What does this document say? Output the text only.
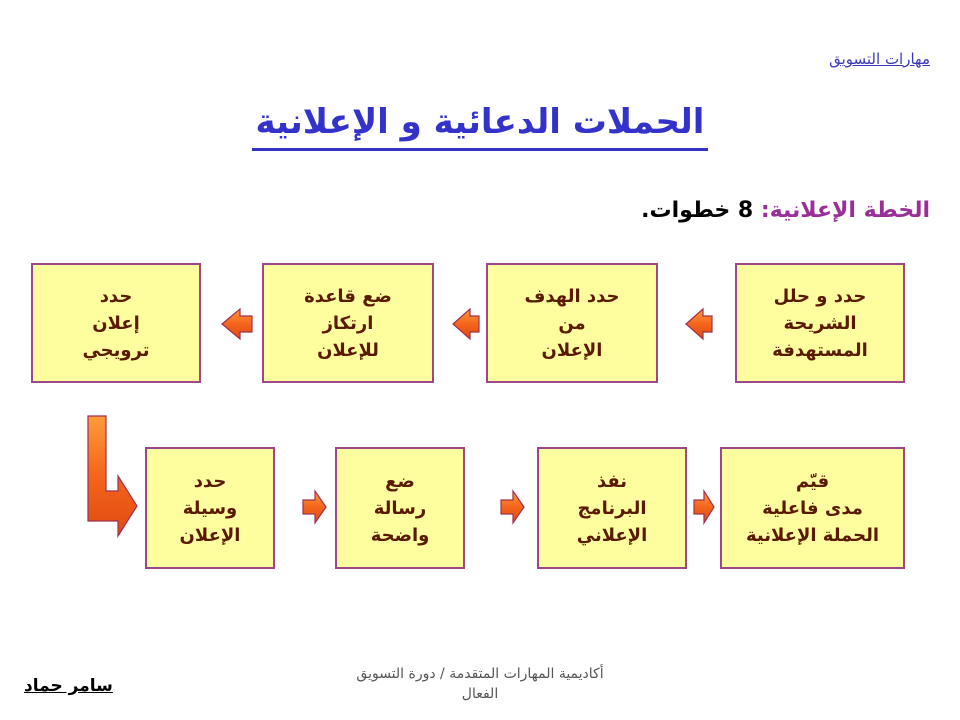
مهارات التسويق
الحملات الدعائية و الإعلانية
الخطة الإعلانية: 8 خطوات.
حدد و حلل
الشريحة
المستهدفة
حدد الهدف
من
الإعلان
ضع قاعدة
ارتكاز
للإعلان
حدد
إعلان
ترويجي
حدد
وسيلة
الإعلان
ضع
رسالة
واضحة
نفذ
البرنامج
الإعلاني
قيّم
مدى فاعلية
الحملة الإعلانية
سامر حماد
أكاديمية المهارات المتقدمة / دورة التسويق الفعال
